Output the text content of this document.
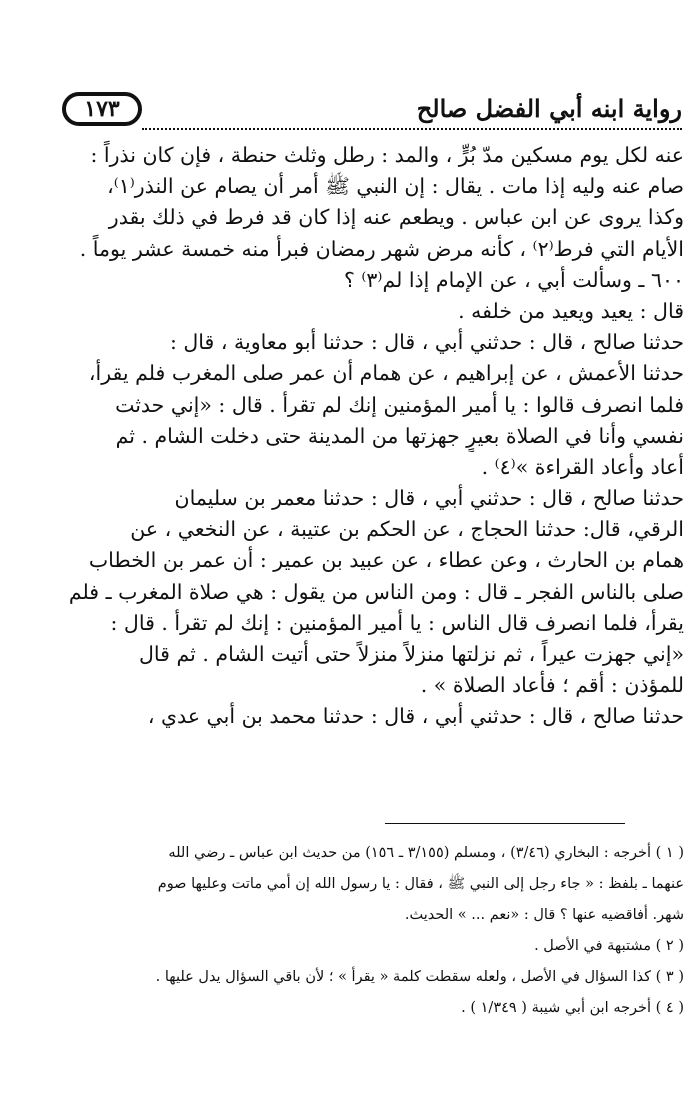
١٧٣	رواية ابنه أبي الفضل صالح
عنه لكل يوم مسكين مدّ بُرٍّ ، والمد : رطل وثلث حنطة ، فإن كان نذراً :
صام عنه وليه إذا مات . يقال : إن النبي ﷺ أمر أن يصام عن النذر⁽١⁾،
وكذا يروى عن ابن عباس . ويطعم عنه إذا كان قد فرط في ذلك بقدر
الأيام التي فرط⁽٢⁾ ، كأنه مرض شهر رمضان فبرأ منه خمسة عشر يوماً .
٦٠٠ ـ وسألت أبي ، عن الإمام إذا لم⁽٣⁾ ؟
قال : يعيد ويعيد من خلفه .
حدثنا صالح ، قال : حدثني أبي ، قال : حدثنا أبو معاوية ، قال :
حدثنا الأعمش ، عن إبراهيم ، عن همام أن عمر صلى المغرب فلم يقرأ،
فلما انصرف قالوا : يا أمير المؤمنين إنك لم تقرأ . قال : «إني حدثت
نفسي وأنا في الصلاة بعيرٍ جهزتها من المدينة حتى دخلت الشام . ثم
أعاد وأعاد القراءة »⁽٤⁾ .
حدثنا صالح ، قال : حدثني أبي ، قال : حدثنا معمر بن سليمان
الرقي، قال: حدثنا الحجاج ، عن الحكم بن عتيبة ، عن النخعي ، عن
همام بن الحارث ، وعن عطاء ، عن عبيد بن عمير : أن عمر بن الخطاب
صلى بالناس الفجر ـ قال : ومن الناس من يقول : هي صلاة المغرب ـ فلم
يقرأ، فلما انصرف قال الناس : يا أمير المؤمنين : إنك لم تقرأ . قال :
«إني جهزت عيراً ، ثم نزلتها منزلاً منزلاً حتى أتيت الشام . ثم قال
للمؤذن : أقم ؛ فأعاد الصلاة » .
حدثنا صالح ، قال : حدثني أبي ، قال : حدثنا محمد بن أبي عدي ،
( ١ ) أخرجه : البخاري (٣/٤٦) ، ومسلم (٣/١٥٥ ـ ١٥٦) من حديث ابن عباس ـ رضي الله
عنهما ـ بلفظ : « جاء رجل إلى النبي ﷺ ، فقال : يا رسول الله إن أمي ماتت وعليها صوم
شهر. أفاقضيه عنها ؟ قال : «نعم ... » الحديث.
( ٢ ) مشتبهة في الأصل .
( ٣ ) كذا السؤال في الأصل ، ولعله سقطت كلمة « يقرأ » ؛ لأن باقي السؤال يدل عليها .
( ٤ ) أخرجه ابن أبي شيبة ( ١/٣٤٩ ) .
